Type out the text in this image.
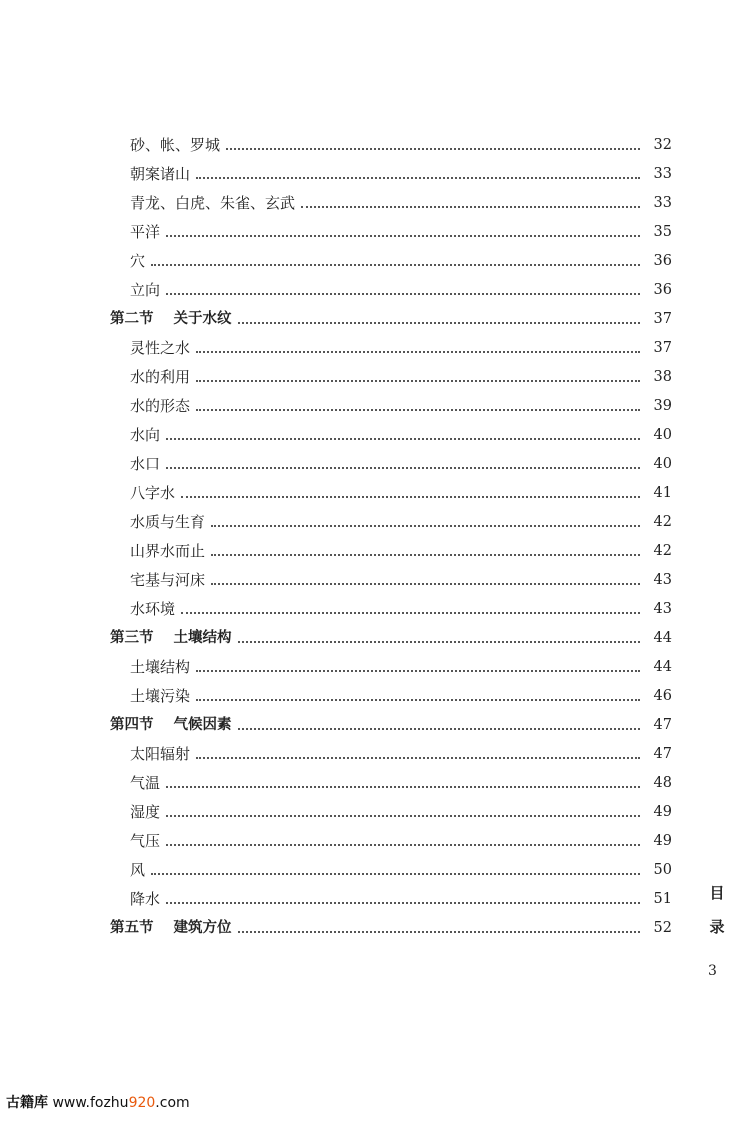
砂、帐、罗城	32
朝案诸山	33
青龙、白虎、朱雀、玄武	33
平洋	35
穴	36
立向	36
第二节 关于水纹	37
灵性之水	37
水的利用	38
水的形态	39
水向	40
水口	40
八字水	41
水质与生育	42
山界水而止	42
宅基与河床	43
水环境	43
第三节 土壤结构	44
土壤结构	44
土壤污染	46
第四节 气候因素	47
太阳辐射	47
气温	48
湿度	49
气压	49
风	50
降水	51
第五节 建筑方位	52
目
录
3
古籍库 www.fozhu920.com
